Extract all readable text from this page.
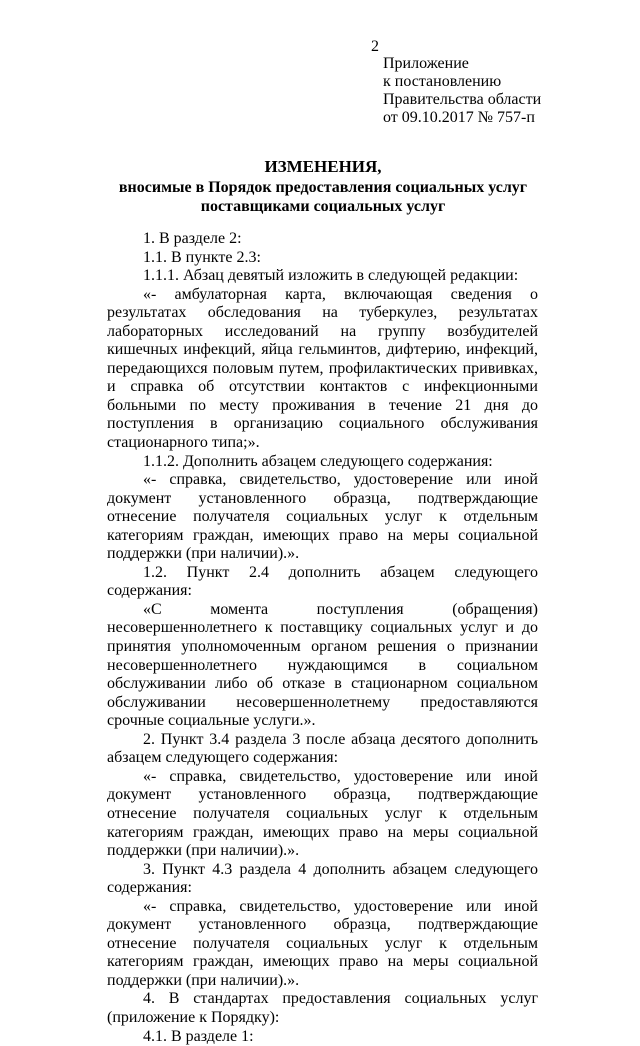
2
Приложение
к постановлению
Правительства области
от 09.10.2017 № 757-п
ИЗМЕНЕНИЯ,
вносимые в Порядок предоставления социальных услуг поставщиками социальных услуг

1. В разделе 2:

1.1. В пункте 2.3:

1.1.1. Абзац девятый изложить в следующей редакции:

«- амбулаторная карта, включающая сведения о результатах обследования на туберкулез, результатах лабораторных исследований на группу возбудителей кишечных инфекций, яйца гельминтов, дифтерию, инфекций, передающихся половым путем, профилактических прививках, и справка об отсутствии контактов с инфекционными больными по месту проживания в течение 21 дня до поступления в организацию социального обслуживания стационарного типа;».

1.1.2. Дополнить абзацем следующего содержания:

«- справка, свидетельство, удостоверение или иной документ установленного образца, подтверждающие отнесение получателя социальных услуг к отдельным категориям граждан, имеющих право на меры социальной поддержки (при наличии).».

1.2. Пункт 2.4 дополнить абзацем следующего содержания:

«С момента поступления (обращения) несовершеннолетнего к поставщику социальных услуг и до принятия уполномоченным органом решения о признании несовершеннолетнего нуждающимся в социальном обслуживании либо об отказе в стационарном социальном обслуживании несовершеннолетнему предоставляются срочные социальные услуги.».

2. Пункт 3.4 раздела 3 после абзаца десятого дополнить абзацем следующего содержания:

«- справка, свидетельство, удостоверение или иной документ установленного образца, подтверждающие отнесение получателя социальных услуг к отдельным категориям граждан, имеющих право на меры социальной поддержки (при наличии).».

3. Пункт 4.3 раздела 4 дополнить абзацем следующего содержания:

«- справка, свидетельство, удостоверение или иной документ установленного образца, подтверждающие отнесение получателя социальных услуг к отдельным категориям граждан, имеющих право на меры социальной поддержки (при наличии).».

4. В стандартах предоставления социальных услуг (приложение к Порядку):

4.1. В разделе 1:
